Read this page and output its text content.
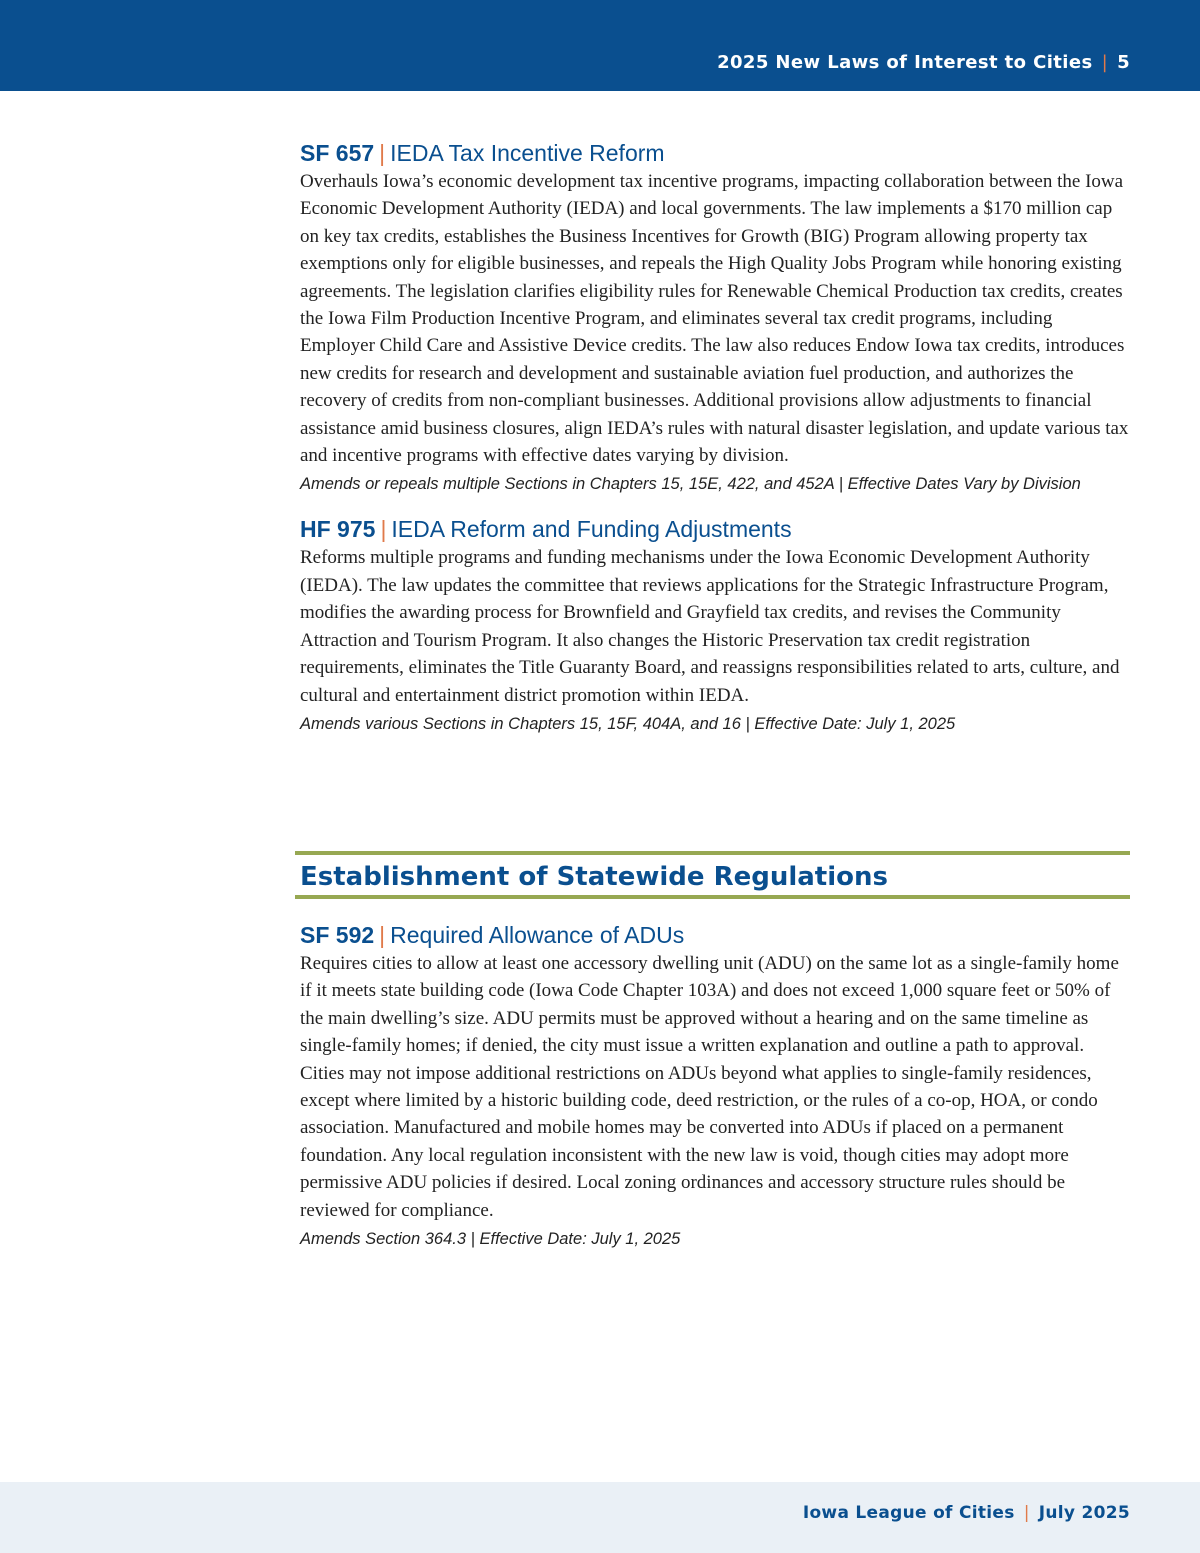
2025 New Laws of Interest to Cities | 5

SF 657 | IEDA Tax Incentive Reform

Overhauls Iowa’s economic development tax incentive programs, impacting collaboration between the Iowa Economic Development Authority (IEDA) and local governments. The law implements a $170 million cap on key tax credits, establishes the Business Incentives for Growth (BIG) Program allowing property tax exemptions only for eligible businesses, and repeals the High Quality Jobs Program while honoring existing agreements. The legislation clarifies eligibility rules for Renewable Chemical Production tax credits, creates the Iowa Film Production Incentive Program, and eliminates several tax credit programs, including Employer Child Care and Assistive Device credits. The law also reduces Endow Iowa tax credits, introduces new credits for research and development and sustainable aviation fuel production, and authorizes the recovery of credits from non-compliant businesses. Additional provisions allow adjustments to financial assistance amid business closures, align IEDA’s rules with natural disaster legislation, and update various tax and incentive programs with effective dates varying by division.

Amends or repeals multiple Sections in Chapters 15, 15E, 422, and 452A | Effective Dates Vary by Division

HF 975 | IEDA Reform and Funding Adjustments

Reforms multiple programs and funding mechanisms under the Iowa Economic Development Authority (IEDA). The law updates the committee that reviews applications for the Strategic Infrastructure Program, modifies the awarding process for Brownfield and Grayfield tax credits, and revises the Community Attraction and Tourism Program. It also changes the Historic Preservation tax credit registration requirements, eliminates the Title Guaranty Board, and reassigns responsibilities related to arts, culture, and cultural and entertainment district promotion within IEDA.

Amends various Sections in Chapters 15, 15F, 404A, and 16 | Effective Date: July 1, 2025

Establishment of Statewide Regulations

SF 592 | Required Allowance of ADUs

Requires cities to allow at least one accessory dwelling unit (ADU) on the same lot as a single-family home if it meets state building code (Iowa Code Chapter 103A) and does not exceed 1,000 square feet or 50% of the main dwelling’s size. ADU permits must be approved without a hearing and on the same timeline as single-family homes; if denied, the city must issue a written explanation and outline a path to approval. Cities may not impose additional restrictions on ADUs beyond what applies to single-family residences, except where limited by a historic building code, deed restriction, or the rules of a co-op, HOA, or condo association. Manufactured and mobile homes may be converted into ADUs if placed on a permanent foundation. Any local regulation inconsistent with the new law is void, though cities may adopt more permissive ADU policies if desired. Local zoning ordinances and accessory structure rules should be reviewed for compliance.

Amends Section 364.3 | Effective Date: July 1, 2025

Iowa League of Cities | July 2025
